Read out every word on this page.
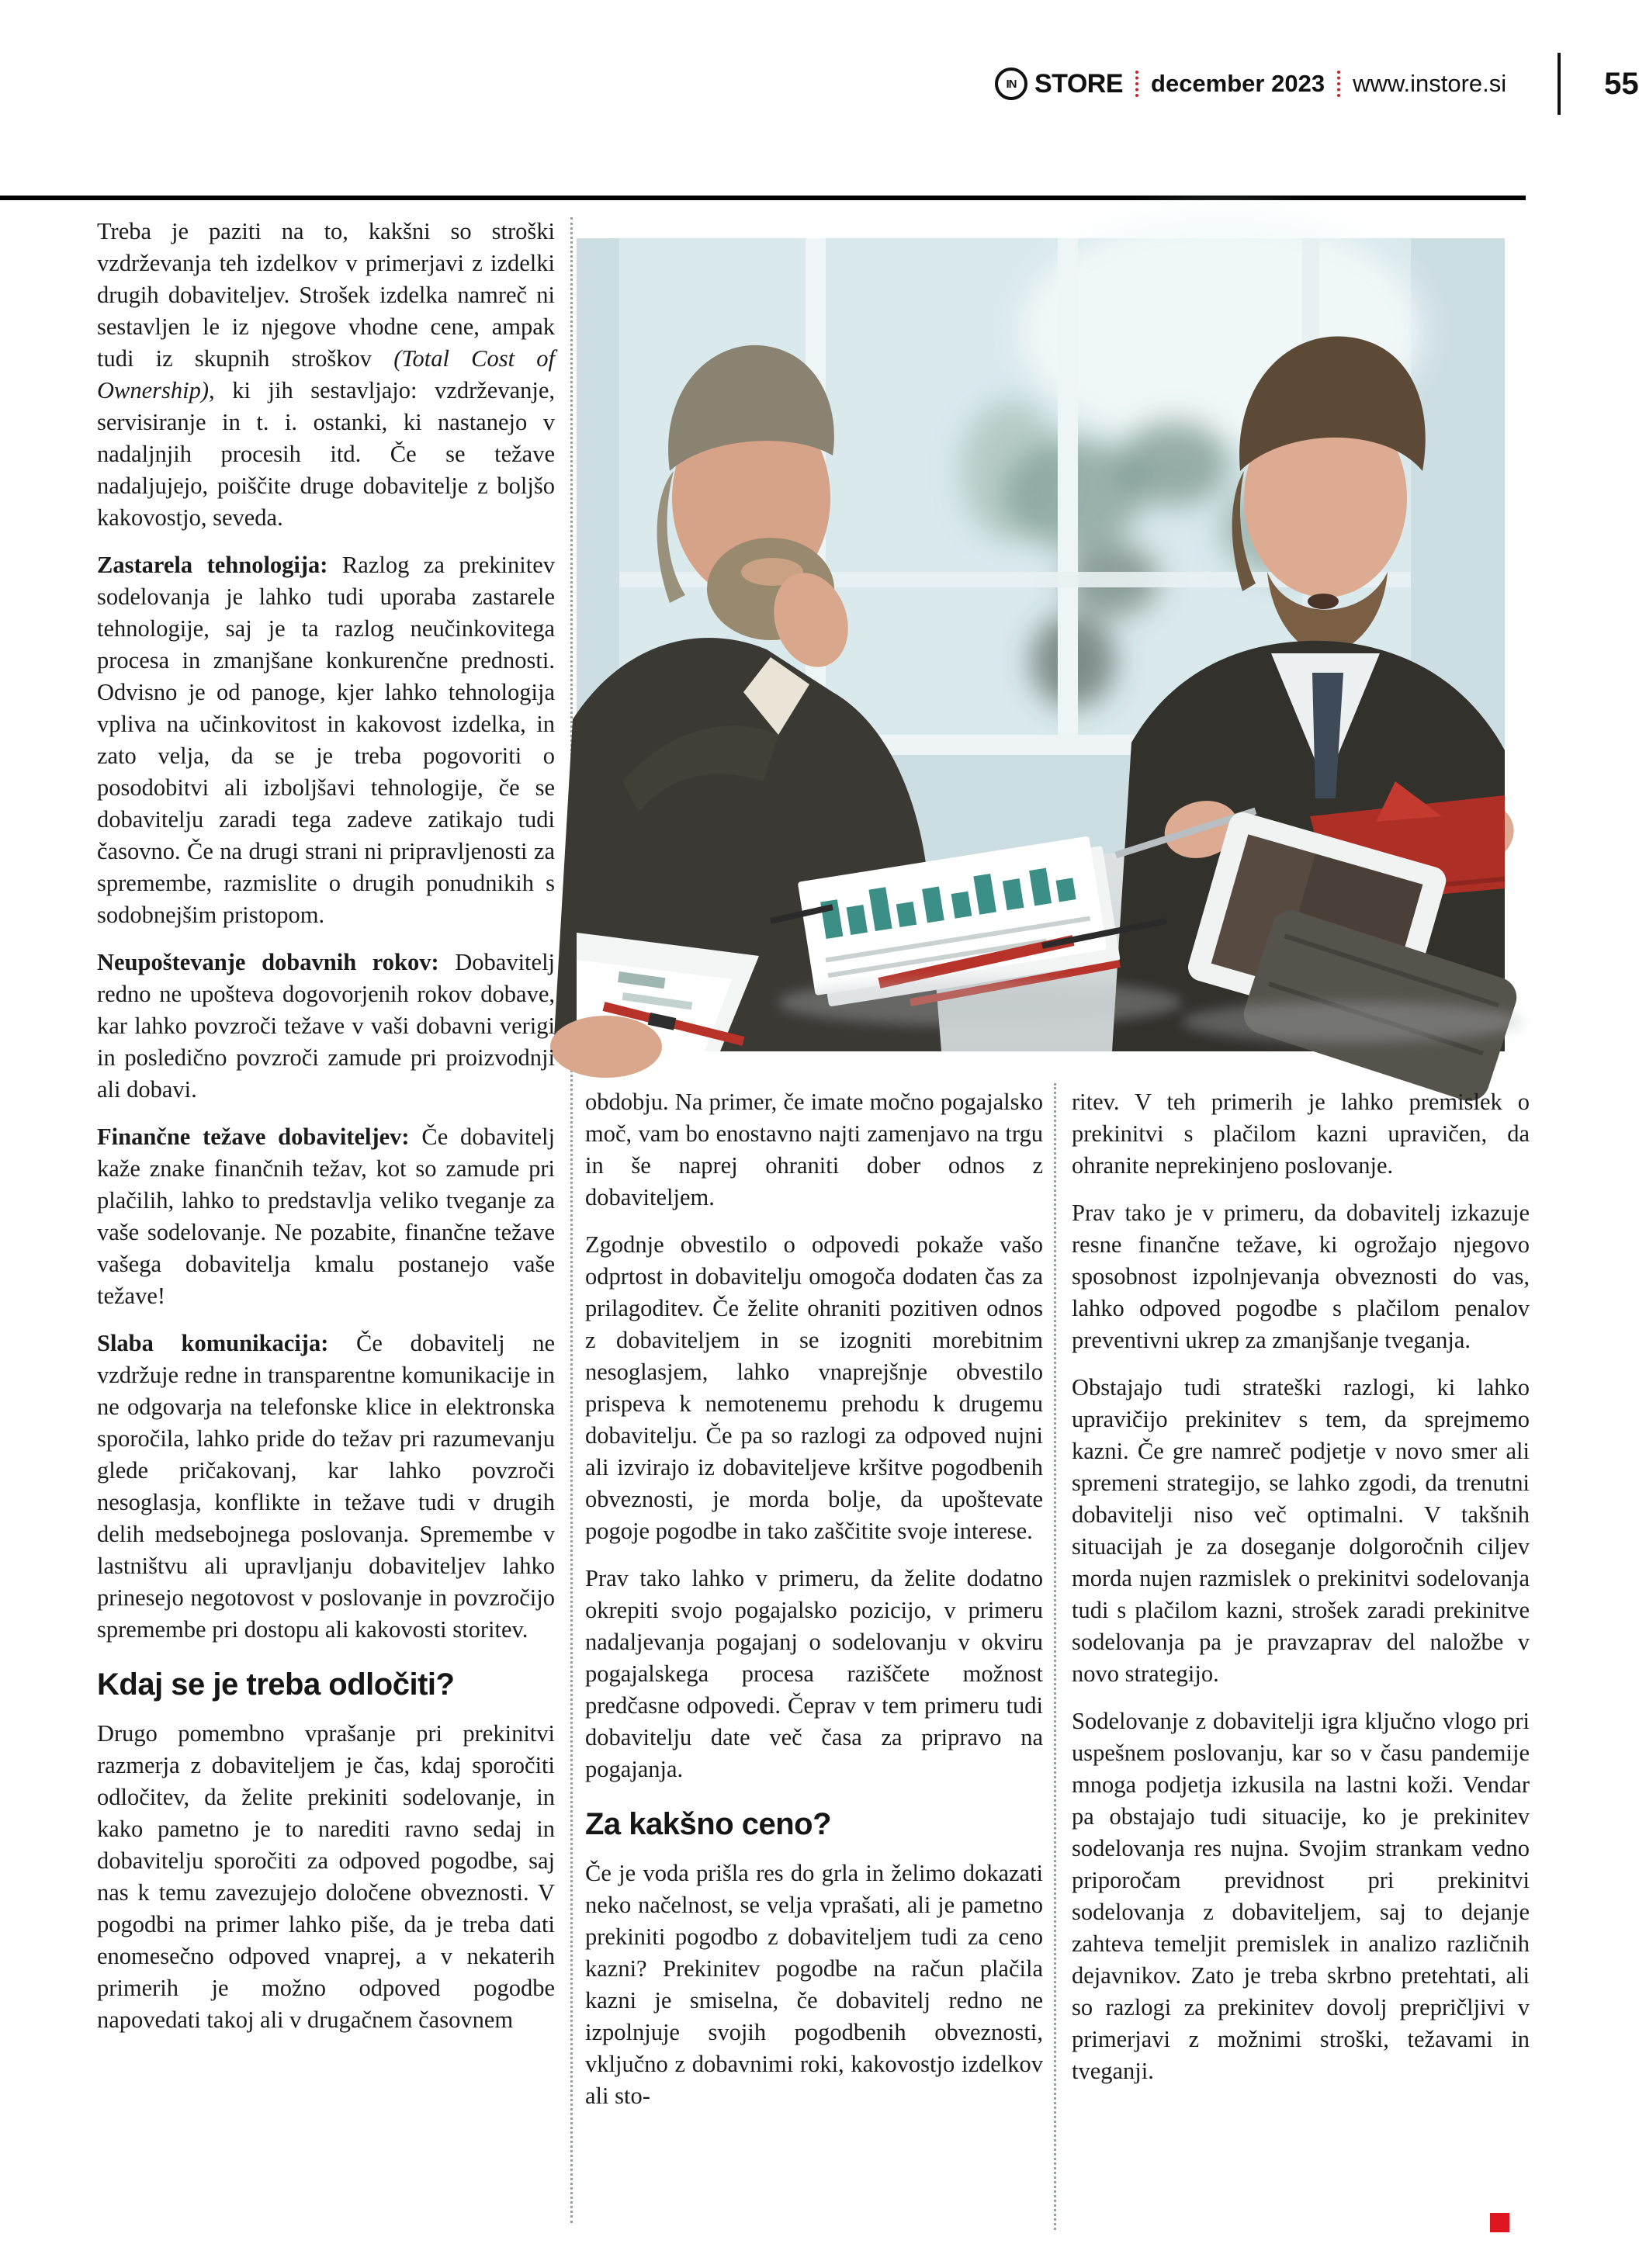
IN STORE december 2023 www.instore.si	55

Treba je paziti na to, kakšni so stroški vzdrževanja teh izdelkov v primerjavi z izdelki drugih dobaviteljev. Strošek izdelka namreč ni sestavljen le iz njegove vhodne cene, ampak tudi iz skupnih stroškov (Total Cost of Ownership), ki jih sestavljajo: vzdrževanje, servisiranje in t. i. ostanki, ki nastanejo v nadaljnjih procesih itd. Če se težave nadaljujejo, poiščite druge dobavitelje z boljšo kakovostjo, seveda.

Zastarela tehnologija: Razlog za prekinitev sodelovanja je lahko tudi uporaba zastarele tehnologije, saj je ta razlog neučinkovitega procesa in zmanjšane konkurenčne prednosti. Odvisno je od panoge, kjer lahko tehnologija vpliva na učinkovitost in kakovost izdelka, in zato velja, da se je treba pogovoriti o posodobitvi ali izboljšavi tehnologije, če se dobavitelju zaradi tega zadeve zatikajo tudi časovno. Če na drugi strani ni pripravljenosti za spremembe, razmislite o drugih ponudnikih s sodobnejšim pristopom.

Neupoštevanje dobavnih rokov: Dobavitelj redno ne upošteva dogovorjenih rokov dobave, kar lahko povzroči težave v vaši dobavni verigi in posledično povzroči zamude pri proizvodnji ali dobavi.

Finančne težave dobaviteljev: Če dobavitelj kaže znake finančnih težav, kot so zamude pri plačilih, lahko to predstavlja veliko tveganje za vaše sodelovanje. Ne pozabite, finančne težave vašega dobavitelja kmalu postanejo vaše težave!

Slaba komunikacija: Če dobavitelj ne vzdržuje redne in transparentne komunikacije in ne odgovarja na telefonske klice in elektronska sporočila, lahko pride do težav pri razumevanju glede pričakovanj, kar lahko povzroči nesoglasja, konflikte in težave tudi v drugih delih medsebojnega poslovanja. Spremembe v lastništvu ali upravljanju dobaviteljev lahko prinesejo negotovost v poslovanje in povzročijo spremembe pri dostopu ali kakovosti storitev.

Kdaj se je treba odločiti?

Drugo pomembno vprašanje pri prekinitvi razmerja z dobaviteljem je čas, kdaj sporočiti odločitev, da želite prekiniti sodelovanje, in kako pametno je to narediti ravno sedaj in dobavitelju sporočiti za odpoved pogodbe, saj nas k temu zavezujejo določene obveznosti. V pogodbi na primer lahko piše, da je treba dati enomesečno odpoved vnaprej, a v nekaterih primerih je možno odpoved pogodbe napovedati takoj ali v drugačnem časovnem

obdobju. Na primer, če imate močno pogajalsko moč, vam bo enostavno najti zamenjavo na trgu in še naprej ohraniti dober odnos z dobaviteljem.

Zgodnje obvestilo o odpovedi pokaže vašo odprtost in dobavitelju omogoča dodaten čas za prilagoditev. Če želite ohraniti pozitiven odnos z dobaviteljem in se izogniti morebitnim nesoglasjem, lahko vnaprejšnje obvestilo prispeva k nemotenemu prehodu k drugemu dobavitelju. Če pa so razlogi za odpoved nujni ali izvirajo iz dobaviteljeve kršitve pogodbenih obveznosti, je morda bolje, da upoštevate pogoje pogodbe in tako zaščitite svoje interese.

Prav tako lahko v primeru, da želite dodatno okrepiti svojo pogajalsko pozicijo, v primeru nadaljevanja pogajanj o sodelovanju v okviru pogajalskega procesa raziščete možnost predčasne odpovedi. Čeprav v tem primeru tudi dobavitelju date več časa za pripravo na pogajanja.

Za kakšno ceno?

Če je voda prišla res do grla in želimo dokazati neko načelnost, se velja vprašati, ali je pametno prekiniti pogodbo z dobaviteljem tudi za ceno kazni? Prekinitev pogodbe na račun plačila kazni je smiselna, če dobavitelj redno ne izpolnjuje svojih pogodbenih obveznosti, vključno z dobavnimi roki, kakovostjo izdelkov ali sto-

ritev. V teh primerih je lahko premislek o prekinitvi s plačilom kazni upravičen, da ohranite neprekinjeno poslovanje.

Prav tako je v primeru, da dobavitelj izkazuje resne finančne težave, ki ogrožajo njegovo sposobnost izpolnjevanja obveznosti do vas, lahko odpoved pogodbe s plačilom penalov preventivni ukrep za zmanjšanje tveganja.

Obstajajo tudi strateški razlogi, ki lahko upravičijo prekinitev s tem, da sprejmemo kazni. Če gre namreč podjetje v novo smer ali spremeni strategijo, se lahko zgodi, da trenutni dobavitelji niso več optimalni. V takšnih situacijah je za doseganje dolgoročnih ciljev morda nujen razmislek o prekinitvi sodelovanja tudi s plačilom kazni, strošek zaradi prekinitve sodelovanja pa je pravzaprav del naložbe v novo strategijo.

Sodelovanje z dobavitelji igra ključno vlogo pri uspešnem poslovanju, kar so v času pandemije mnoga podjetja izkusila na lastni koži. Vendar pa obstajajo tudi situacije, ko je prekinitev sodelovanja res nujna. Svojim strankam vedno priporočam previdnost pri prekinitvi sodelovanja z dobaviteljem, saj to dejanje zahteva temeljit premislek in analizo različnih dejavnikov. Zato je treba skrbno pretehtati, ali so razlogi za prekinitev dovolj prepričljivi v primerjavi z možnimi stroški, težavami in tveganji.
